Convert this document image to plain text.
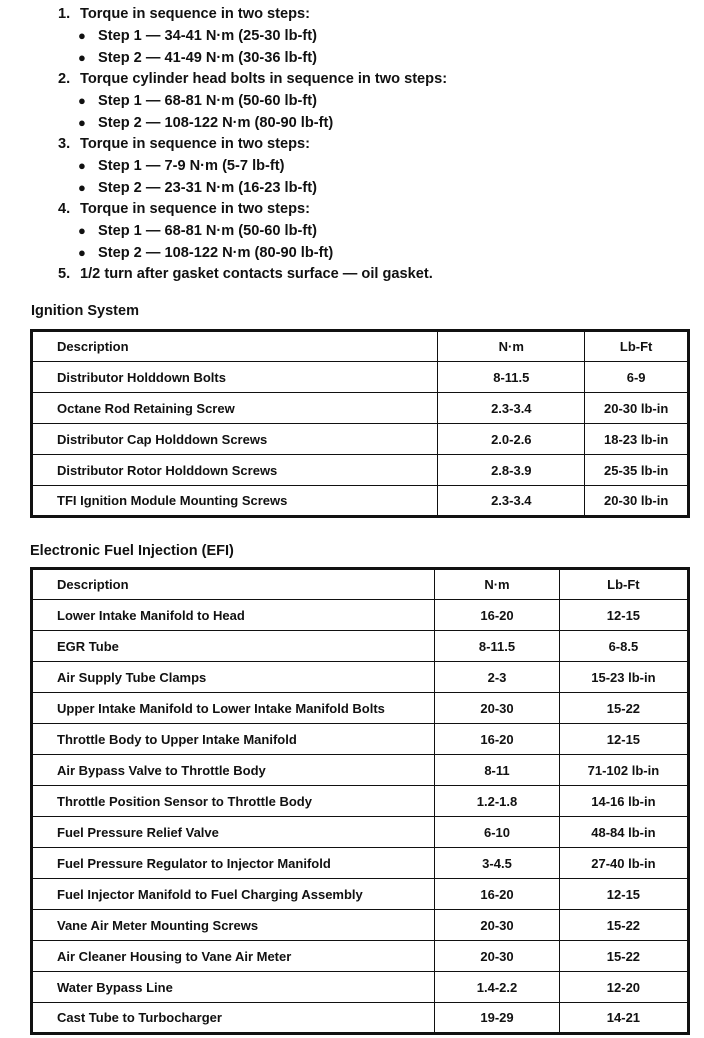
1. Torque in sequence in two steps:
● Step 1 — 34-41 N·m (25-30 lb-ft)
● Step 2 — 41-49 N·m (30-36 lb-ft)
2. Torque cylinder head bolts in sequence in two steps:
● Step 1 — 68-81 N·m (50-60 lb-ft)
● Step 2 — 108-122 N·m (80-90 lb-ft)
3. Torque in sequence in two steps:
● Step 1 — 7-9 N·m (5-7 lb-ft)
● Step 2 — 23-31 N·m (16-23 lb-ft)
4. Torque in sequence in two steps:
● Step 1 — 68-81 N·m (50-60 lb-ft)
● Step 2 — 108-122 N·m (80-90 lb-ft)
5. 1/2 turn after gasket contacts surface — oil gasket.
Ignition System
Description	N·m	Lb-Ft
Distributor Holddown Bolts	8-11.5	6-9
Octane Rod Retaining Screw	2.3-3.4	20-30 lb-in
Distributor Cap Holddown Screws	2.0-2.6	18-23 lb-in
Distributor Rotor Holddown Screws	2.8-3.9	25-35 lb-in
TFI Ignition Module Mounting Screws	2.3-3.4	20-30 lb-in
Electronic Fuel Injection (EFI)
Description	N·m	Lb-Ft
Lower Intake Manifold to Head	16-20	12-15
EGR Tube	8-11.5	6-8.5
Air Supply Tube Clamps	2-3	15-23 lb-in
Upper Intake Manifold to Lower Intake Manifold Bolts	20-30	15-22
Throttle Body to Upper Intake Manifold	16-20	12-15
Air Bypass Valve to Throttle Body	8-11	71-102 lb-in
Throttle Position Sensor to Throttle Body	1.2-1.8	14-16 lb-in
Fuel Pressure Relief Valve	6-10	48-84 lb-in
Fuel Pressure Regulator to Injector Manifold	3-4.5	27-40 lb-in
Fuel Injector Manifold to Fuel Charging Assembly	16-20	12-15
Vane Air Meter Mounting Screws	20-30	15-22
Air Cleaner Housing to Vane Air Meter	20-30	15-22
Water Bypass Line	1.4-2.2	12-20
Cast Tube to Turbocharger	19-29	14-21
